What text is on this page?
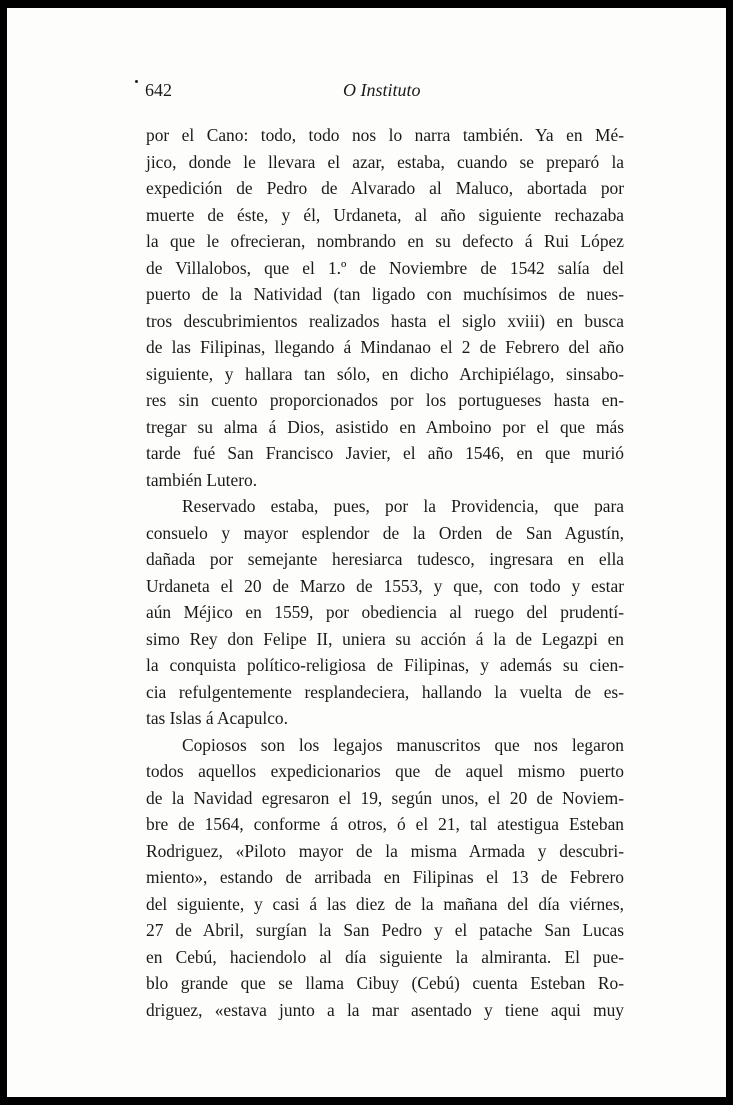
642	O Instituto
por el Cano: todo, todo nos lo narra también. Ya en Mé-
jico, donde le llevara el azar, estaba, cuando se preparó la
expedición de Pedro de Alvarado al Maluco, abortada por
muerte de éste, y él, Urdaneta, al año siguiente rechazaba
la que le ofrecieran, nombrando en su defecto á Rui López
de Villalobos, que el 1.º de Noviembre de 1542 salía del
puerto de la Natividad (tan ligado con muchísimos de nues-
tros descubrimientos realizados hasta el siglo xviii) en busca
de las Filipinas, llegando á Mindanao el 2 de Febrero del año
siguiente, y hallara tan sólo, en dicho Archipiélago, sinsabo-
res sin cuento proporcionados por los portugueses hasta en-
tregar su alma á Dios, asistido en Amboino por el que más
tarde fué San Francisco Javier, el año 1546, en que murió
también Lutero.
Reservado estaba, pues, por la Providencia, que para
consuelo y mayor esplendor de la Orden de San Agustín,
dañada por semejante heresiarca tudesco, ingresara en ella
Urdaneta el 20 de Marzo de 1553, y que, con todo y estar
aún Méjico en 1559, por obediencia al ruego del prudentí-
simo Rey don Felipe II, uniera su acción á la de Legazpi en
la conquista político-religiosa de Filipinas, y además su cien-
cia refulgentemente resplandeciera, hallando la vuelta de es-
tas Islas á Acapulco.
Copiosos son los legajos manuscritos que nos legaron
todos aquellos expedicionarios que de aquel mismo puerto
de la Navidad egresaron el 19, según unos, el 20 de Noviem-
bre de 1564, conforme á otros, ó el 21, tal atestigua Esteban
Rodriguez, «Piloto mayor de la misma Armada y descubri-
miento», estando de arribada en Filipinas el 13 de Febrero
del siguiente, y casi á las diez de la mañana del día viérnes,
27 de Abril, surgían la San Pedro y el patache San Lucas
en Cebú, haciendolo al día siguiente la almiranta. El pue-
blo grande que se llama Cibuy (Cebú) cuenta Esteban Ro-
driguez, «estava junto a la mar asentado y tiene aqui muy
